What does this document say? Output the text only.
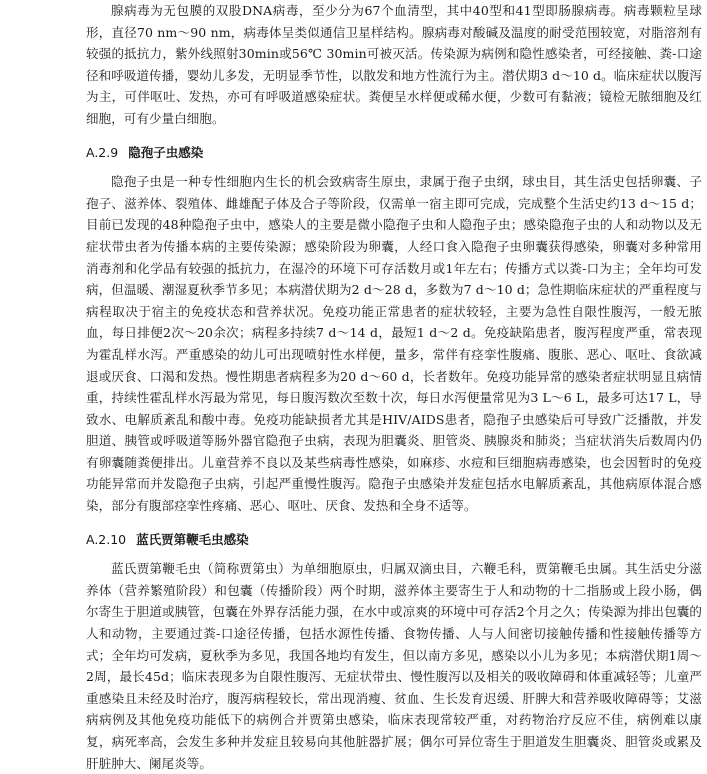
腺病毒为无包膜的双股DNA病毒，至少分为67个血清型，其中40型和41型即肠腺病毒。病毒颗粒呈球形，直径70 nm～90 nm，病毒体呈类似通信卫星样结构。腺病毒对酸碱及温度的耐受范围较宽，对脂溶剂有较强的抵抗力，紫外线照射30min或56℃ 30min可被灭活。传染源为病例和隐性感染者，可经接触、粪-口途径和呼吸道传播，婴幼儿多发，无明显季节性，以散发和地方性流行为主。潜伏期3 d～10 d。临床症状以腹泻为主，可伴呕吐、发热，亦可有呼吸道感染症状。粪便呈水样便或稀水便，少数可有黏液；镜检无脓细胞及红细胞，可有少量白细胞。

A.2.9 隐孢子虫感染

隐孢子虫是一种专性细胞内生长的机会致病寄生原虫，隶属于孢子虫纲，球虫目，其生活史包括卵囊、子孢子、滋养体、裂殖体、雌雄配子体及合子等阶段，仅需单一宿主即可完成，完成整个生活史约13 d～15 d；目前已发现的48种隐孢子虫中，感染人的主要是微小隐孢子虫和人隐孢子虫；感染隐孢子虫的人和动物以及无症状带虫者为传播本病的主要传染源；感染阶段为卵囊，人经口食入隐孢子虫卵囊获得感染，卵囊对多种常用消毒剂和化学品有较强的抵抗力，在湿冷的环境下可存活数月或1年左右；传播方式以粪-口为主；全年均可发病，但温暖、潮湿夏秋季节多见；本病潜伏期为2 d～28 d，多数为7 d～10 d；急性期临床症状的严重程度与病程取决于宿主的免疫状态和营养状况。免疫功能正常患者的症状较轻，主要为急性自限性腹泻，一般无脓血，每日排便2次～20余次；病程多持续7 d～14 d，最短1 d～2 d。免疫缺陷患者，腹泻程度严重，常表现为霍乱样水泻。严重感染的幼儿可出现喷射性水样便，量多，常伴有痉挛性腹痛、腹胀、恶心、呕吐、食欲减退或厌食、口渴和发热。慢性期患者病程多为20 d～60 d，长者数年。免疫功能异常的感染者症状明显且病情重，持续性霍乱样水泻最为常见，每日腹泻数次至数十次，每日水泻便量常见为3 L～6 L，最多可达17 L，导致水、电解质紊乱和酸中毒。免疫功能缺损者尤其是HIV/AIDS患者，隐孢子虫感染后可导致广泛播散，并发胆道、胰管或呼吸道等肠外器官隐孢子虫病，表现为胆囊炎、胆管炎、胰腺炎和肺炎；当症状消失后数周内仍有卵囊随粪便排出。儿童营养不良以及某些病毒性感染，如麻疹、水痘和巨细胞病毒感染，也会因暂时的免疫功能异常而并发隐孢子虫病，引起严重慢性腹泻。隐孢子虫感染并发症包括水电解质紊乱，其他病原体混合感染，部分有腹部痉挛性疼痛、恶心、呕吐、厌食、发热和全身不适等。

A.2.10 蓝氏贾第鞭毛虫感染

蓝氏贾第鞭毛虫（简称贾第虫）为单细胞原虫，归属双滴虫目，六鞭毛科，贾第鞭毛虫属。其生活史分滋养体（营养繁殖阶段）和包囊（传播阶段）两个时期，滋养体主要寄生于人和动物的十二指肠或上段小肠，偶尔寄生于胆道或胰管，包囊在外界存活能力强，在水中或凉爽的环境中可存活2个月之久；传染源为排出包囊的人和动物，主要通过粪-口途径传播，包括水源性传播、食物传播、人与人间密切接触传播和性接触传播等方式；全年均可发病，夏秋季为多见，我国各地均有发生，但以南方多见，感染以小儿为多见；本病潜伏期1周～2周，最长45d；临床表现多为自限性腹泻、无症状带虫、慢性腹泻以及相关的吸收障碍和体重减轻等；儿童严重感染且未经及时治疗，腹泻病程较长，常出现消瘦、贫血、生长发育迟缓、肝脾大和营养吸收障碍等；艾滋病病例及其他免疫功能低下的病例合并贾第虫感染，临床表现常较严重，对药物治疗反应不佳，病例难以康复，病死率高，会发生多种并发症且较易向其他脏器扩展；偶尔可异位寄生于胆道发生胆囊炎、胆管炎或累及肝脏肿大、阑尾炎等。
